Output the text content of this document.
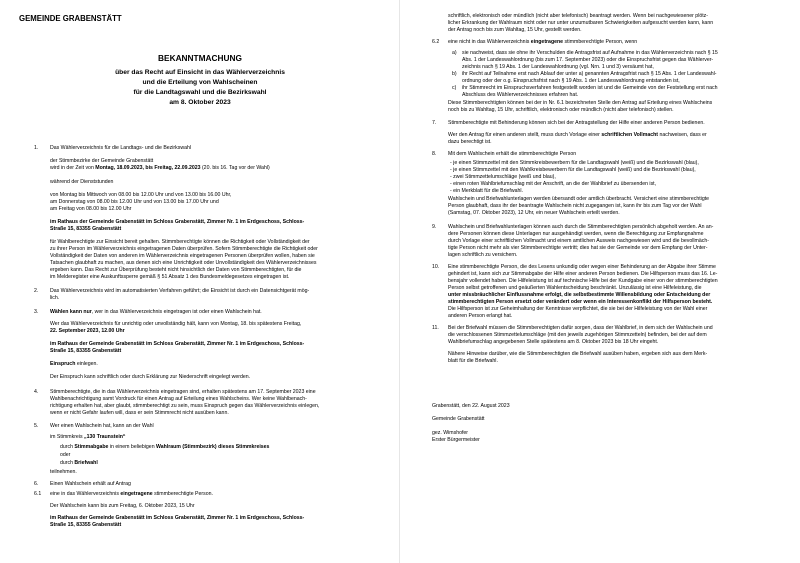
GEMEINDE GRABENSTÄTT
BEKANNTMACHUNG
über das Recht auf Einsicht in das Wählerverzeichnis
und die Erteilung von Wahlscheinen
für die Landtagswahl und die Bezirkswahl
am 8. Oktober 2023
1. Das Wählerverzeichnis für die Landtags- und die Bezirkswahl
der Stimmbezirke der Gemeinde Grabenstätt
wird in der Zeit von Montag, 18.09.2023, bis Freitag, 22.09.2023 (20. bis 16. Tag vor der Wahl)
während der Dienststunden
von Montag bis Mittwoch von 08.00 bis 12.00 Uhr und von 13.00 bis 16.00 Uhr,
am Donnerstag von 08.00 bis 12.00 Uhr und von 13.00 bis 17.00 Uhr und
am Freitag von 08.00 bis 12.00 Uhr
im Rathaus der Gemeinde Grabenstätt im Schloss Grabenstätt, Zimmer Nr. 1 im Erdgeschoss, Schloss-
Straße 15, 83355 Grabenstätt
für Wahlberechtigte zur Einsicht bereit gehalten. Stimmberechtigte können die Richtigkeit oder Vollständigkeit der
zu ihrer Person im Wählerverzeichnis eingetragenen Daten überprüfen. Sofern Stimmberechtigte die Richtigkeit oder
Vollständigkeit der Daten von anderen im Wählerverzeichnis eingetragenen Personen überprüfen wollen, haben sie
Tatsachen glaubhaft zu machen, aus denen sich eine Unrichtigkeit oder Unvollständigkeit des Wählerverzeichnisses
ergeben kann. Das Recht zur Überprüfung besteht nicht hinsichtlich der Daten von Stimmberechtigten, für die
im Melderegister eine Auskunftssperre gemäß § 51 Absatz 1 des Bundesmeldegesetzes eingetragen ist.
2. Das Wählerverzeichnis wird im automatisierten Verfahren geführt; die Einsicht ist durch ein Datensichtgerät mög-
lich.
3. Wählen kann nur, wer in das Wählerverzeichnis eingetragen ist oder einen Wahlschein hat.
Wer das Wählerverzeichnis für unrichtig oder unvollständig hält, kann von Montag, 18. bis spätestens Freitag,
22. September 2023, 12.00 Uhr
im Rathaus der Gemeinde Grabenstätt im Schloss Grabenstätt, Zimmer Nr. 1 im Erdgeschoss, Schloss-
Straße 15, 83355 Grabenstätt
Einspruch einlegen.
Der Einspruch kann schriftlich oder durch Erklärung zur Niederschrift eingelegt werden.
4. Stimmberechtigte, die in das Wählerverzeichnis eingetragen sind, erhalten spätestens am 17. September 2023 eine
Wahlbenachrichtigung samt Vordruck für einen Antrag auf Erteilung eines Wahlscheins. Wer keine Wahlbenach-
richtigung erhalten hat, aber glaubt, stimmberechtigt zu sein, muss Einspruch gegen das Wählerverzeichnis einlegen,
wenn er nicht Gefahr laufen will, dass er sein Stimmrecht nicht ausüben kann.
5. Wer einen Wahlschein hat, kann an der Wahl
im Stimmkreis „130 Traunstein“
durch Stimmabgabe in einem beliebigen Wahlraum (Stimmbezirk) dieses Stimmkreises
oder
durch Briefwahl
teilnehmen.
6. Einen Wahlschein erhält auf Antrag
6.1 eine in das Wählerverzeichnis eingetragene stimmberechtigte Person.
Der Wahlschein kann bis zum Freitag, 6. Oktober 2023, 15 Uhr
im Rathaus der Gemeinde Grabenstätt im Schloss Grabenstätt, Zimmer Nr. 1 im Erdgeschoss, Schloss-
Straße 15, 83355 Grabenstätt
schriftlich, elektronisch oder mündlich (nicht aber telefonisch) beantragt werden. Wenn bei nachgewiesener plötz-
licher Erkrankung der Wahlraum nicht oder nur unter unzumutbaren Schwierigkeiten aufgesucht werden kann, kann
der Antrag noch bis zum Wahltag, 15 Uhr, gestellt werden.
6.2 eine nicht in das Wählerverzeichnis eingetragene stimmberechtigte Person, wenn
a) sie nachweist, dass sie ohne ihr Verschulden die Antragsfrist auf Aufnahme in das Wählerverzeichnis nach § 15
Abs. 1 der Landeswahlordnung (bis zum 17. September 2023) oder die Einspruchsfrist gegen das Wählerver-
zeichnis nach § 19 Abs. 1 der Landeswahlordnung (vgl. Nrn. 1 und 3) versäumt hat,
b) ihr Recht auf Teilnahme erst nach Ablauf der unter a) genannten Antragsfrist nach § 15 Abs. 1 der Landeswahl-
ordnung oder der o.g. Einspruchsfrist nach § 19 Abs. 1 der Landeswahlordnung entstanden ist,
c) ihr Stimmrecht im Einspruchsverfahren festgestellt worden ist und die Gemeinde von der Feststellung erst nach
Abschluss des Wählerverzeichnisses erfahren hat.
Diese Stimmberechtigten können bei der in Nr. 6.1 bezeichneten Stelle den Antrag auf Erteilung eines Wahlscheins
noch bis zu Wahltag, 15 Uhr, schriftlich, elektronisch oder mündlich (nicht aber telefonisch) stellen.
7. Stimmberechtigte mit Behinderung können sich bei der Antragstellung der Hilfe einer anderen Person bedienen.
Wer den Antrag für einen anderen stellt, muss durch Vorlage einer schriftlichen Vollmacht nachweisen, dass er
dazu berechtigt ist.
8. Mit dem Wahlschein erhält die stimmberechtigte Person
- je einen Stimmzettel mit den Stimmkreisbewerbern für die Landtagswahl (weiß) und die Bezirkswahl (blau),
- je einen Stimmzettel mit den Wahlkreisbewerbern für die Landtagswahl (weiß) und die Bezirkswahl (blau),
- zwei Stimmzettelumschläge (weiß und blau),
- einen roten Wahlbriefumschlag mit der Anschrift, an die der Wahlbrief zu übersenden ist,
- ein Merkblatt für die Briefwahl.
Wahlschein und Briefwahlunterlagen werden übersandt oder amtlich überbracht. Versichert eine stimmberechtigte
Person glaubhaft, dass ihr der beantragte Wahlschein nicht zugegangen ist, kann ihr bis zum Tag vor der Wahl
(Samstag, 07. Oktober 2023), 12 Uhr, ein neuer Wahlschein erteilt werden.
9. Wahlschein und Briefwahlunterlagen können auch durch die Stimmberechtigten persönlich abgeholt werden. An an-
dere Personen können diese Unterlagen nur ausgehändigt werden, wenn die Berechtigung zur Empfangnahme
durch Vorlage einer schriftlichen Vollmacht und einem amtlichen Ausweis nachgewiesen wird und die bevollmäch-
tigte Person nicht mehr als vier Stimmberechtigte vertritt; dies hat sie der Gemeinde vor dem Empfang der Unter-
lagen schriftlich zu versichern.
10. Eine stimmberechtigte Person, die des Lesens unkundig oder wegen einer Behinderung an der Abgabe ihrer Stimme
gehindert ist, kann sich zur Stimmabgabe der Hilfe einer anderen Person bedienen. Die Hilfsperson muss das 16. Le-
bensjahr vollendet haben. Die Hilfeleistung ist auf technische Hilfe bei der Kundgabe einer von der stimmberechtigten
Person selbst getroffenen und geäußerten Wahlentscheidung beschränkt. Unzulässig ist eine Hilfeleistung, die
unter missbräuchlicher Einflussnahme erfolgt, die selbstbestimmte Willensbildung oder Entscheidung der
stimmberechtigten Person ersetzt oder verändert oder wenn ein Interessenkonflikt der Hilfsperson besteht.
Die Hilfsperson ist zur Geheimhaltung der Kenntnisse verpflichtet, die sie bei der Hilfeleistung von der Wahl einer
anderen Person erlangt hat.
11. Bei der Briefwahl müssen die Stimmberechtigten dafür sorgen, dass der Wahlbrief, in dem sich der Wahlschein und
die verschlossenen Stimmzettelumschläge (mit den jeweils zugehörigen Stimmzetteln) befinden, bei der auf dem
Wahlbriefumschlag angegebenen Stelle spätestens am 8. Oktober 2023 bis 18 Uhr eingeht.
Nähere Hinweise darüber, wie die Stimmberechtigten die Briefwahl ausüben haben, ergeben sich aus dem Merk-
blatt für die Briefwahl.
Grabenstätt, den 22. August 2023
Gemeinde Grabenstätt
gez. Wimshofer
Erster Bürgermeister
